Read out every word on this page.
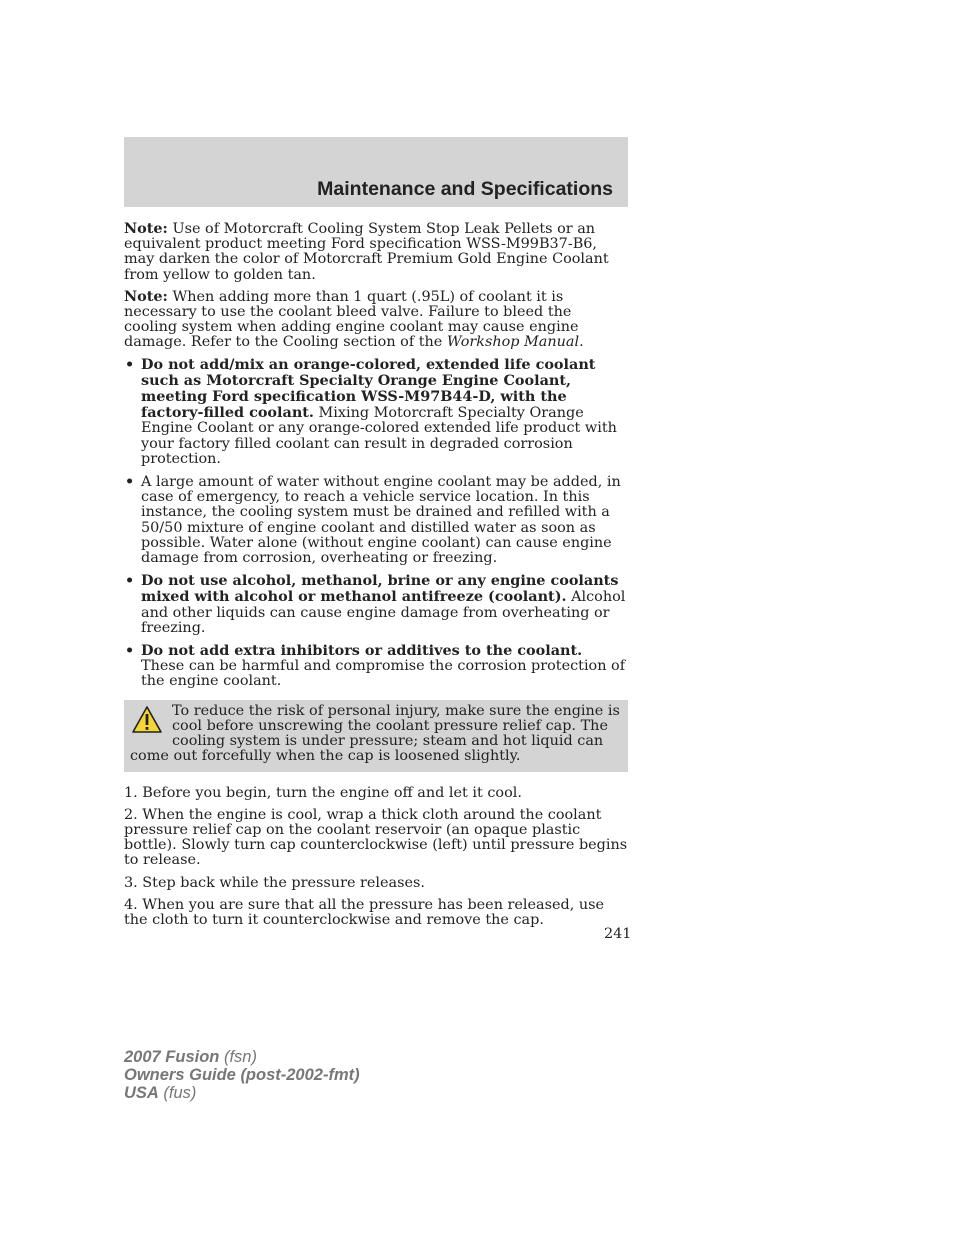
Maintenance and Specifications

Note: Use of Motorcraft Cooling System Stop Leak Pellets or an equivalent product meeting Ford specification WSS-M99B37-B6, may darken the color of Motorcraft Premium Gold Engine Coolant from yellow to golden tan.

Note: When adding more than 1 quart (.95L) of coolant it is necessary to use the coolant bleed valve. Failure to bleed the cooling system when adding engine coolant may cause engine damage. Refer to the Cooling section of the Workshop Manual.

• Do not add/mix an orange-colored, extended life coolant such as Motorcraft Specialty Orange Engine Coolant, meeting Ford specification WSS-M97B44-D, with the factory-filled coolant. Mixing Motorcraft Specialty Orange Engine Coolant or any orange-colored extended life product with your factory filled coolant can result in degraded corrosion protection.
• A large amount of water without engine coolant may be added, in case of emergency, to reach a vehicle service location. In this instance, the cooling system must be drained and refilled with a 50/50 mixture of engine coolant and distilled water as soon as possible. Water alone (without engine coolant) can cause engine damage from corrosion, overheating or freezing.
• Do not use alcohol, methanol, brine or any engine coolants mixed with alcohol or methanol antifreeze (coolant). Alcohol and other liquids can cause engine damage from overheating or freezing.
• Do not add extra inhibitors or additives to the coolant. These can be harmful and compromise the corrosion protection of the engine coolant.
To reduce the risk of personal injury, make sure the engine is cool before unscrewing the coolant pressure relief cap. The cooling system is under pressure; steam and hot liquid can come out forcefully when the cap is loosened slightly.

1. Before you begin, turn the engine off and let it cool.

2. When the engine is cool, wrap a thick cloth around the coolant pressure relief cap on the coolant reservoir (an opaque plastic bottle). Slowly turn cap counterclockwise (left) until pressure begins to release.

3. Step back while the pressure releases.

4. When you are sure that all the pressure has been released, use the cloth to turn it counterclockwise and remove the cap.

241
2007 Fusion (fsn)
Owners Guide (post-2002-fmt)
USA (fus)
